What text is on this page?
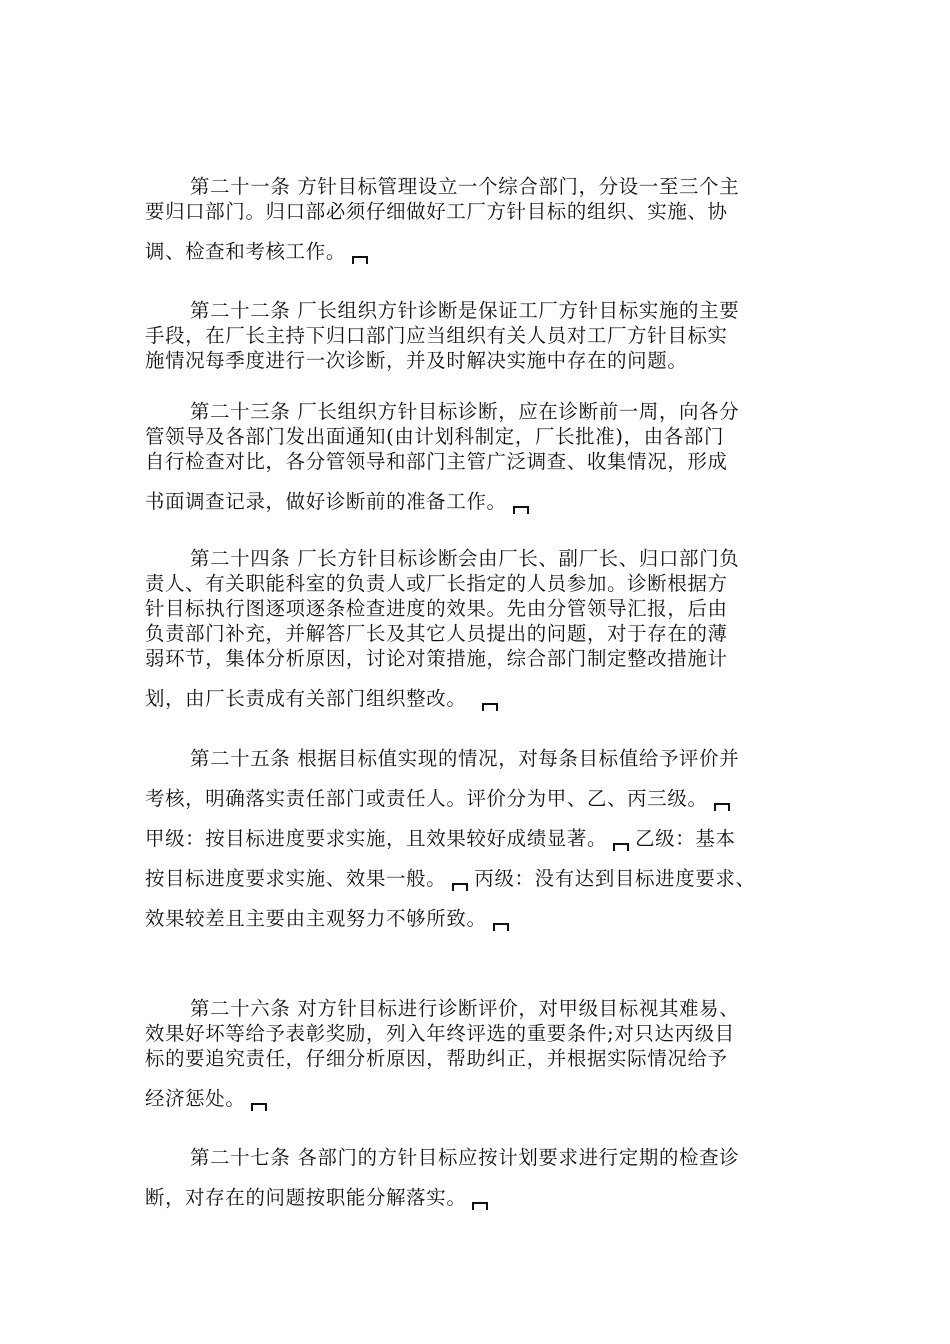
第二十一条 方针目标管理设立一个综合部门，分设一至三个主
要归口部门。归口部必须仔细做好工厂方针目标的组织、实施、协
调、检查和考核工作。

第二十二条 厂长组织方针诊断是保证工厂方针目标实施的主要
手段，在厂长主持下归口部门应当组织有关人员对工厂方针目标实
施情况每季度进行一次诊断，并及时解决实施中存在的问题。

第二十三条 厂长组织方针目标诊断，应在诊断前一周，向各分
管领导及各部门发出面通知(由计划科制定，厂长批准)，由各部门
自行检查对比，各分管领导和部门主管广泛调查、收集情况，形成
书面调查记录，做好诊断前的准备工作。

第二十四条 厂长方针目标诊断会由厂长、副厂长、归口部门负
责人、有关职能科室的负责人或厂长指定的人员参加。诊断根据方
针目标执行图逐项逐条检查进度的效果。先由分管领导汇报，后由
负责部门补充，并解答厂长及其它人员提出的问题，对于存在的薄
弱环节，集体分析原因，讨论对策措施，综合部门制定整改措施计
划，由厂长责成有关部门组织整改。

第二十五条 根据目标值实现的情况，对每条目标值给予评价并
考核，明确落实责任部门或责任人。评价分为甲、乙、丙三级。
甲级：按目标进度要求实施，且效果较好成绩显著。 乙级：基本
按目标进度要求实施、效果一般。 丙级：没有达到目标进度要求、
效果较差且主要由主观努力不够所致。

第二十六条 对方针目标进行诊断评价，对甲级目标视其难易、
效果好坏等给予表彰奖励，列入年终评选的重要条件;对只达丙级目
标的要追究责任，仔细分析原因，帮助纠正，并根据实际情况给予
经济惩处。

第二十七条 各部门的方针目标应按计划要求进行定期的检查诊
断，对存在的问题按职能分解落实。
